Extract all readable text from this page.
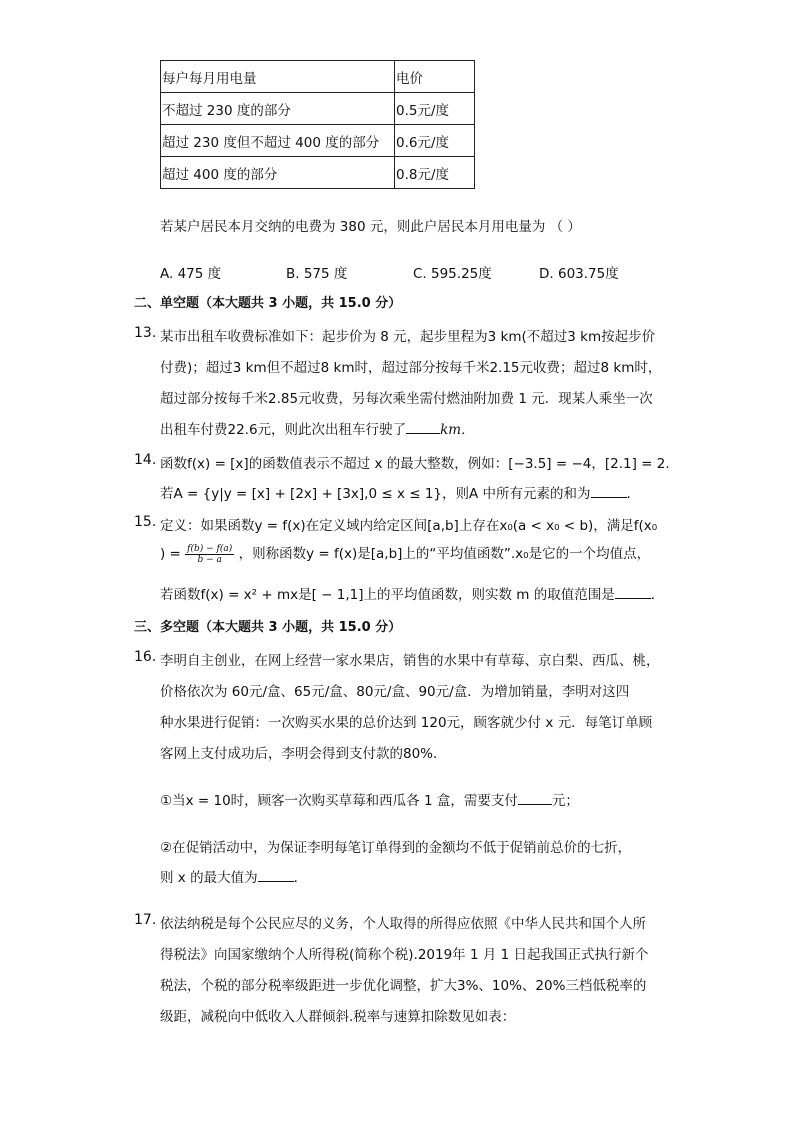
每户每月用电量	电价
不超过 230 度的部分	0.5元/度
超过 230 度但不超过 400 度的部分	0.6元/度
超过 400 度的部分	0.8元/度
若某户居民本月交纳的电费为 380 元，则此户居民本月用电量为 （ ）
A. 475 度	B. 575 度	C. 595.25度	D. 603.75度
二、单空题（本大题共 3 小题，共 15.0 分）
13. 某市出租车收费标准如下：起步价为 8 元，起步里程为3 km(不超过3 km按起步价
付费)；超过3 km但不超过8 km时，超过部分按每千米2.15元收费；超过8 km时，
超过部分按每千米2.85元收费，另每次乘坐需付燃油附加费 1 元．现某人乘坐一次
出租车付费22.6元，则此次出租车行驶了	km．
14. 函数f(x) = [x]的函数值表示不超过 x 的最大整数，例如：[−3.5] = −4，[2.1] = 2.
若A = {y|y = [x] + [2x] + [3x],0 ≤ x ≤ 1}，则A 中所有元素的和为	．
15. 定义：如果函数y = f(x)在定义域内给定区间[a,b]上存在x₀(a < x₀ < b)，满足f(x₀
) = $\frac{f(b) - f(a)}{b - a}$ ，则称函数y = f(x)是[a,b]上的“平均值函数”.x₀是它的一个均值点，
若函数f(x) = x² + mx是[ − 1,1]上的平均值函数，则实数 m 的取值范围是	．
三、多空题（本大题共 3 小题，共 15.0 分）
16. 李明自主创业，在网上经营一家水果店，销售的水果中有草莓、京白梨、西瓜、桃，
价格依次为 60元/盒、65元/盒、80元/盒、90元/盒．为增加销量，李明对这四
种水果进行促销：一次购买水果的总价达到 120元，顾客就少付 x 元．每笔订单顾
客网上支付成功后，李明会得到支付款的80%．
①当x = 10时，顾客一次购买草莓和西瓜各 1 盒，需要支付	元；
②在促销活动中，为保证李明每笔订单得到的金额均不低于促销前总价的七折，
则 x 的最大值为	．
17. 依法纳税是每个公民应尽的义务，个人取得的所得应依照《中华人民共和国个人所
得税法》向国家缴纳个人所得税(简称个税).2019年 1 月 1 日起我国正式执行新个
税法，个税的部分税率级距进一步优化调整，扩大3%、10%、20%三档低税率的
级距，减税向中低收入人群倾斜.税率与速算扣除数见如表：
